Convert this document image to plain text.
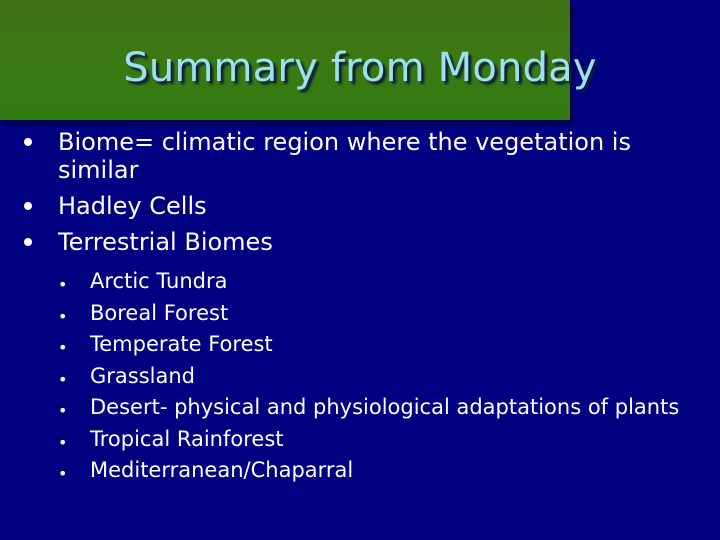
Summary from Monday
Biome= climatic region where the vegetation is similar
Hadley Cells
Terrestrial Biomes
• Arctic Tundra
• Boreal Forest
• Temperate Forest
• Grassland
• Desert- physical and physiological adaptations of plants
• Tropical Rainforest
• Mediterranean/Chaparral
